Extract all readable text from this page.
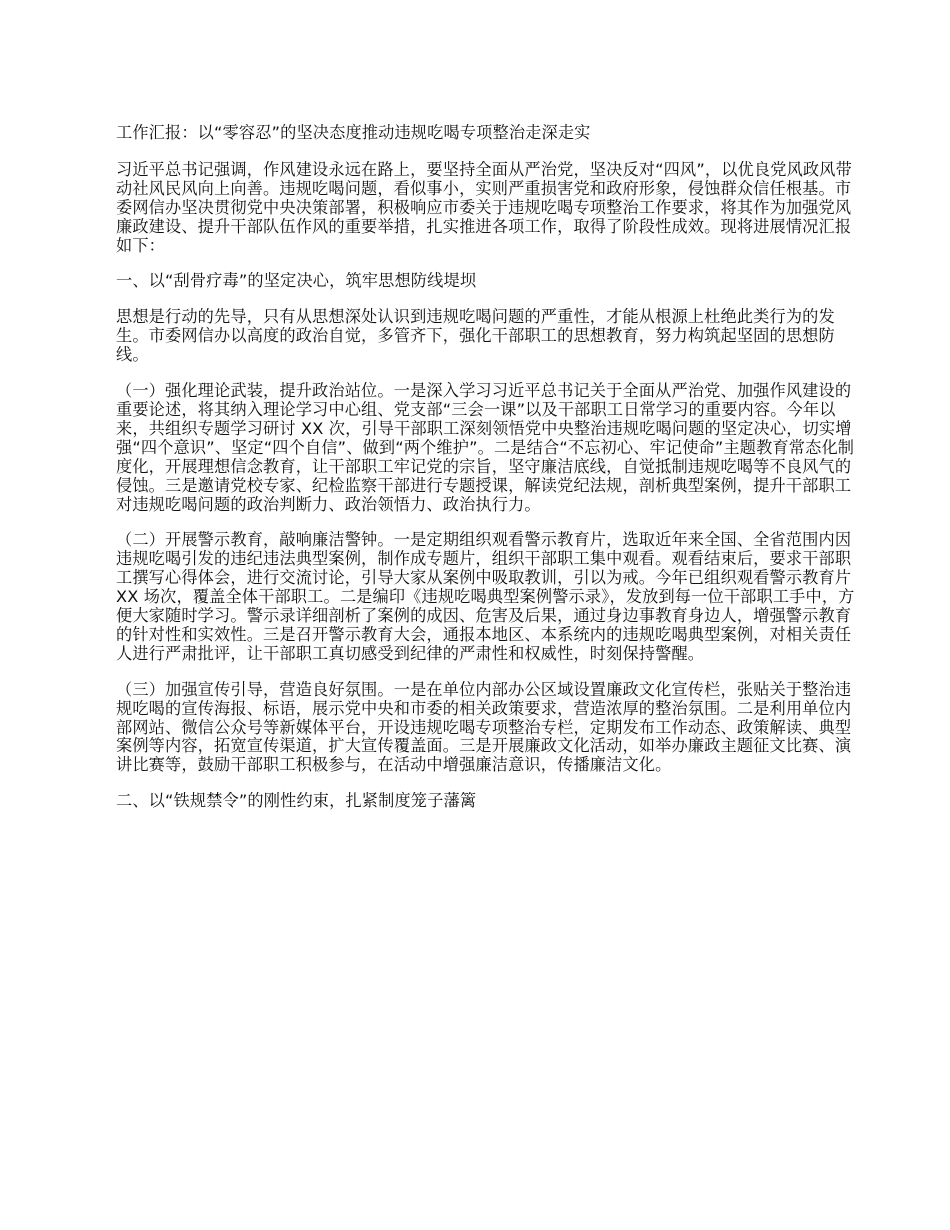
工作汇报：以“零容忍”的坚决态度推动违规吃喝专项整治走深走实

习近平总书记强调，作风建设永远在路上，要坚持全面从严治党，坚决反对“四风”，以优良党风政风带动社风民风向上向善。违规吃喝问题，看似事小，实则严重损害党和政府形象，侵蚀群众信任根基。市委网信办坚决贯彻党中央决策部署，积极响应市委关于违规吃喝专项整治工作要求，将其作为加强党风廉政建设、提升干部队伍作风的重要举措，扎实推进各项工作，取得了阶段性成效。现将进展情况汇报如下：

一、以“刮骨疗毒”的坚定决心，筑牢思想防线堤坝

思想是行动的先导，只有从思想深处认识到违规吃喝问题的严重性，才能从根源上杜绝此类行为的发生。市委网信办以高度的政治自觉，多管齐下，强化干部职工的思想教育，努力构筑起坚固的思想防线。

（一）强化理论武装，提升政治站位。一是深入学习习近平总书记关于全面从严治党、加强作风建设的重要论述，将其纳入理论学习中心组、党支部“三会一课”以及干部职工日常学习的重要内容。今年以来，共组织专题学习研讨 XX 次，引导干部职工深刻领悟党中央整治违规吃喝问题的坚定决心，切实增强“四个意识”、坚定“四个自信”、做到“两个维护”。二是结合“不忘初心、牢记使命”主题教育常态化制度化，开展理想信念教育，让干部职工牢记党的宗旨，坚守廉洁底线，自觉抵制违规吃喝等不良风气的侵蚀。三是邀请党校专家、纪检监察干部进行专题授课，解读党纪法规，剖析典型案例，提升干部职工对违规吃喝问题的政治判断力、政治领悟力、政治执行力。

（二）开展警示教育，敲响廉洁警钟。一是定期组织观看警示教育片，选取近年来全国、全省范围内因违规吃喝引发的违纪违法典型案例，制作成专题片，组织干部职工集中观看。观看结束后，要求干部职工撰写心得体会，进行交流讨论，引导大家从案例中吸取教训，引以为戒。今年已组织观看警示教育片 XX 场次，覆盖全体干部职工。二是编印《违规吃喝典型案例警示录》，发放到每一位干部职工手中，方便大家随时学习。警示录详细剖析了案例的成因、危害及后果，通过身边事教育身边人，增强警示教育的针对性和实效性。三是召开警示教育大会，通报本地区、本系统内的违规吃喝典型案例，对相关责任人进行严肃批评，让干部职工真切感受到纪律的严肃性和权威性，时刻保持警醒。

（三）加强宣传引导，营造良好氛围。一是在单位内部办公区域设置廉政文化宣传栏，张贴关于整治违规吃喝的宣传海报、标语，展示党中央和市委的相关政策要求，营造浓厚的整治氛围。二是利用单位内部网站、微信公众号等新媒体平台，开设违规吃喝专项整治专栏，定期发布工作动态、政策解读、典型案例等内容，拓宽宣传渠道，扩大宣传覆盖面。三是开展廉政文化活动，如举办廉政主题征文比赛、演讲比赛等，鼓励干部职工积极参与，在活动中增强廉洁意识，传播廉洁文化。

二、以“铁规禁令”的刚性约束，扎紧制度笼子藩篱
